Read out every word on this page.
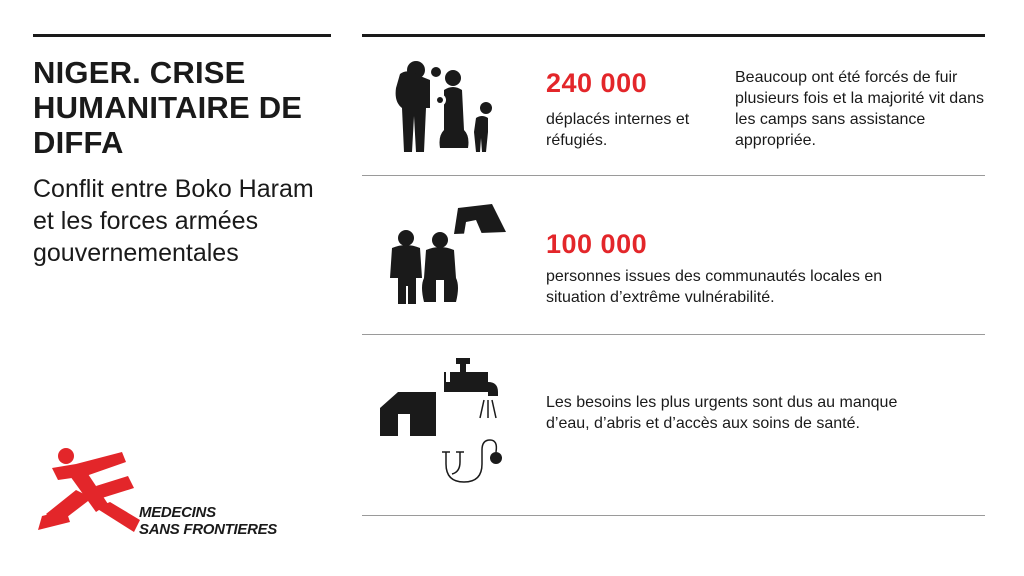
NIGER. CRISE HUMANITAIRE DE DIFFA

Conflit entre Boko Haram et les forces armées gouvernementales

MEDECINS
SANS FRONTIERES
240 000
déplacés internes et réfugiés.
Beaucoup ont été forcés de fuir plusieurs fois et la majorité vit dans les camps sans assistance appropriée.
100 000
personnes issues des communautés locales en situation d’extrême vulnérabilité.
Les besoins les plus urgents sont dus au manque d’eau, d’abris et d’accès aux soins de santé.
